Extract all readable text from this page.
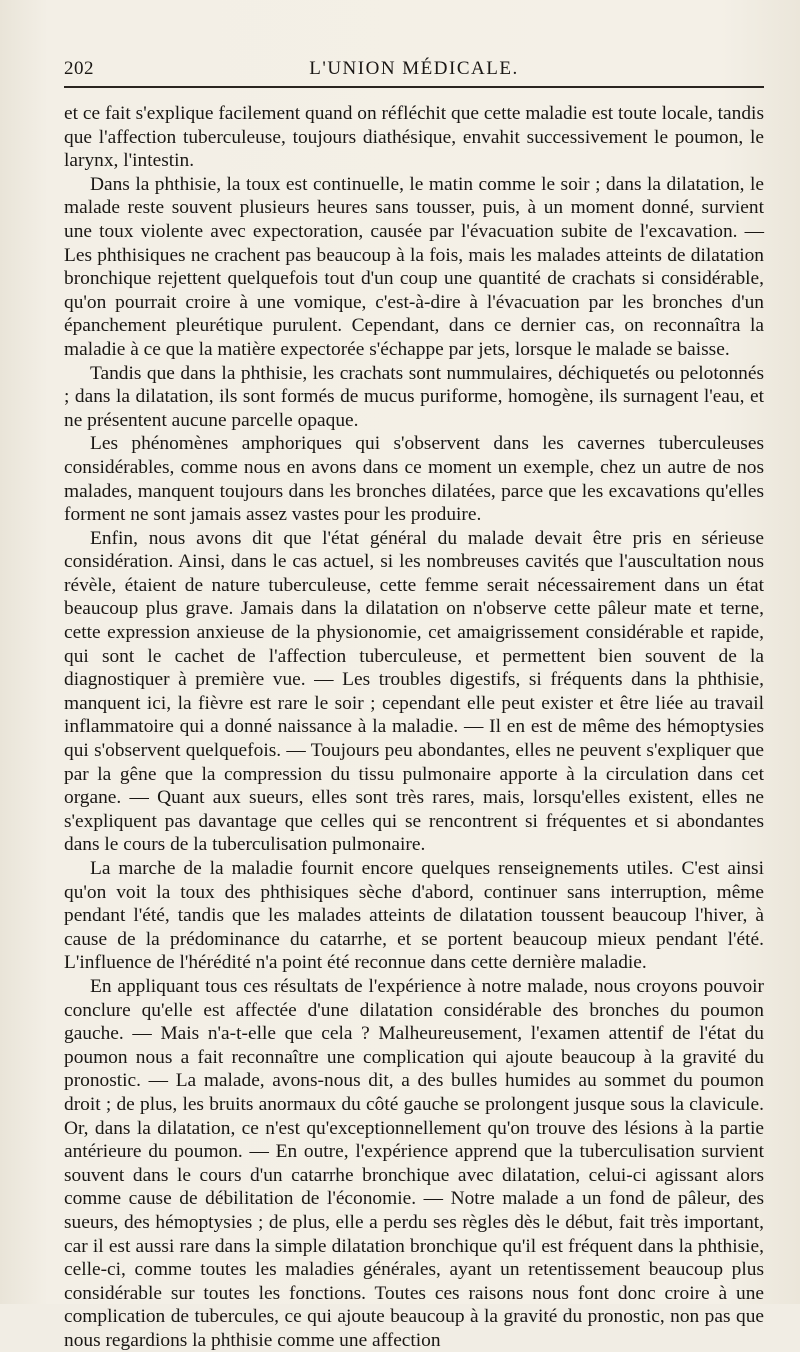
202	L'UNION MÉDICALE.

et ce fait s'explique facilement quand on réfléchit que cette maladie est toute locale, tandis que l'affection tuberculeuse, toujours diathésique, envahit successivement le poumon, le larynx, l'intestin.

Dans la phthisie, la toux est continuelle, le matin comme le soir ; dans la dilatation, le malade reste souvent plusieurs heures sans tousser, puis, à un moment donné, survient une toux violente avec expectoration, causée par l'évacuation subite de l'excavation. — Les phthisiques ne crachent pas beaucoup à la fois, mais les malades atteints de dilatation bronchique rejettent quelquefois tout d'un coup une quantité de crachats si considérable, qu'on pourrait croire à une vomique, c'est-à-dire à l'évacuation par les bronches d'un épanchement pleurétique purulent. Cependant, dans ce dernier cas, on reconnaîtra la maladie à ce que la matière expectorée s'échappe par jets, lorsque le malade se baisse.

Tandis que dans la phthisie, les crachats sont nummulaires, déchiquetés ou pelotonnés ; dans la dilatation, ils sont formés de mucus puriforme, homogène, ils surnagent l'eau, et ne présentent aucune parcelle opaque.

Les phénomènes amphoriques qui s'observent dans les cavernes tuberculeuses considérables, comme nous en avons dans ce moment un exemple, chez un autre de nos malades, manquent toujours dans les bronches dilatées, parce que les excavations qu'elles forment ne sont jamais assez vastes pour les produire.

Enfin, nous avons dit que l'état général du malade devait être pris en sérieuse considération. Ainsi, dans le cas actuel, si les nombreuses cavités que l'auscultation nous révèle, étaient de nature tuberculeuse, cette femme serait nécessairement dans un état beaucoup plus grave. Jamais dans la dilatation on n'observe cette pâleur mate et terne, cette expression anxieuse de la physionomie, cet amaigrissement considérable et rapide, qui sont le cachet de l'affection tuberculeuse, et permettent bien souvent de la diagnostiquer à première vue. — Les troubles digestifs, si fréquents dans la phthisie, manquent ici, la fièvre est rare le soir ; cependant elle peut exister et être liée au travail inflammatoire qui a donné naissance à la maladie. — Il en est de même des hémoptysies qui s'observent quelquefois. — Toujours peu abondantes, elles ne peuvent s'expliquer que par la gêne que la compression du tissu pulmonaire apporte à la circulation dans cet organe. — Quant aux sueurs, elles sont très rares, mais, lorsqu'elles existent, elles ne s'expliquent pas davantage que celles qui se rencontrent si fréquentes et si abondantes dans le cours de la tuberculisation pulmonaire.

La marche de la maladie fournit encore quelques renseignements utiles. C'est ainsi qu'on voit la toux des phthisiques sèche d'abord, continuer sans interruption, même pendant l'été, tandis que les malades atteints de dilatation toussent beaucoup l'hiver, à cause de la prédominance du catarrhe, et se portent beaucoup mieux pendant l'été. L'influence de l'hérédité n'a point été reconnue dans cette dernière maladie.

En appliquant tous ces résultats de l'expérience à notre malade, nous croyons pouvoir conclure qu'elle est affectée d'une dilatation considérable des bronches du poumon gauche. — Mais n'a-t-elle que cela ? Malheureusement, l'examen attentif de l'état du poumon nous a fait reconnaître une complication qui ajoute beaucoup à la gravité du pronostic. — La malade, avons-nous dit, a des bulles humides au sommet du poumon droit ; de plus, les bruits anormaux du côté gauche se prolongent jusque sous la clavicule. Or, dans la dilatation, ce n'est qu'exceptionnellement qu'on trouve des lésions à la partie antérieure du poumon. — En outre, l'expérience apprend que la tuberculisation survient souvent dans le cours d'un catarrhe bronchique avec dilatation, celui-ci agissant alors comme cause de débilitation de l'économie. — Notre malade a un fond de pâleur, des sueurs, des hémoptysies ; de plus, elle a perdu ses règles dès le début, fait très important, car il est aussi rare dans la simple dilatation bronchique qu'il est fréquent dans la phthisie, celle-ci, comme toutes les maladies générales, ayant un retentissement beaucoup plus considérable sur toutes les fonctions. Toutes ces raisons nous font donc croire à une complication de tubercules, ce qui ajoute beaucoup à la gravité du pronostic, non pas que nous regardions la phthisie comme une affection
